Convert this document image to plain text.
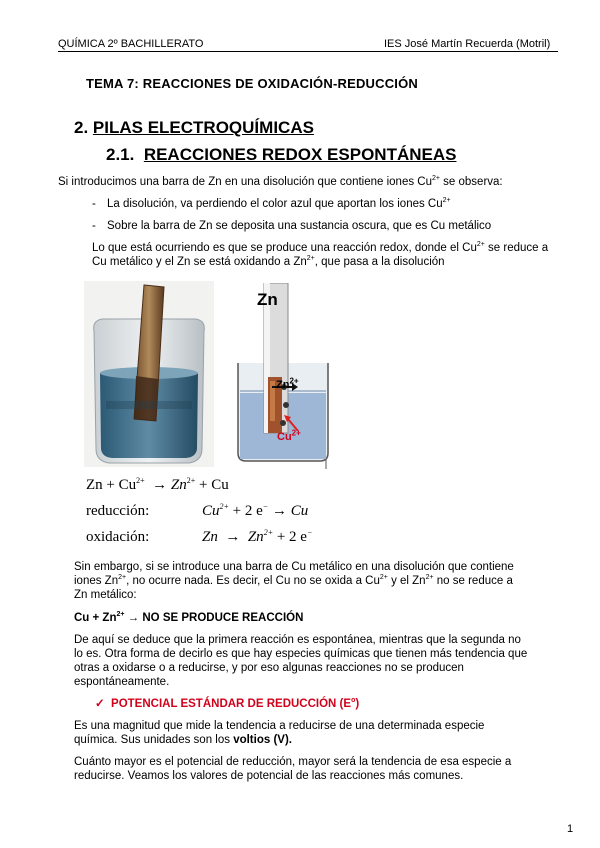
QUÍMICA 2º BACHILLERATO	IES José Martín Recuerda (Motril)
TEMA 7: REACCIONES DE OXIDACIÓN-REDUCCIÓN
2. PILAS ELECTROQUÍMICAS
2.1. REACCIONES REDOX ESPONTÁNEAS
Si introducimos una barra de Zn en una disolución que contiene iones $Cu^{2+}$ se observa:
- La disolución, va perdiendo el color azul que aportan los iones $Cu^{2+}$
- Sobre la barra de Zn se deposita una sustancia oscura, que es Cu metálico
Lo que está ocurriendo es que se produce una reacción redox, donde el $Cu^{2+}$ se reduce a
Cu metálico y el Zn se está oxidando a $Zn^{2+}$, que pasa a la disolución
Zn
$Zn^{2+}$
$Cu^{2+}$
$Zn + Cu^{2+} \to Zn^{2+} + Cu$
reducción:	$Cu^{2+} + 2$ e− → Cu
oxidación:	$Zn \to Zn^{2+} + 2$ e−
Sin embargo, si se introduce una barra de Cu metálico en una disolución que contiene
iones $Zn^{2+}$, no ocurre nada. Es decir, el Cu no se oxida a $Cu^{2+}$ y el $Zn^{2+}$ no se reduce a
Zn metálico:
$Cu + Zn^{2+}$ → NO SE PRODUCE REACCIÓN
De aquí se deduce que la primera reacción es espontánea, mientras que la segunda no
lo es. Otra forma de decirlo es que hay especies químicas que tienen más tendencia que
otras a oxidarse o a reducirse, y por eso algunas reacciones no se producen
espontáneamente.
✓ POTENCIAL ESTÁNDAR DE REDUCCIÓN $(E^o)$
Es una magnitud que mide la tendencia a reducirse de una determinada especie
química. Sus unidades son los voltios (V).
Cuánto mayor es el potencial de reducción, mayor será la tendencia de esa especie a
reducirse. Veamos los valores de potencial de las reacciones más comunes.
1
